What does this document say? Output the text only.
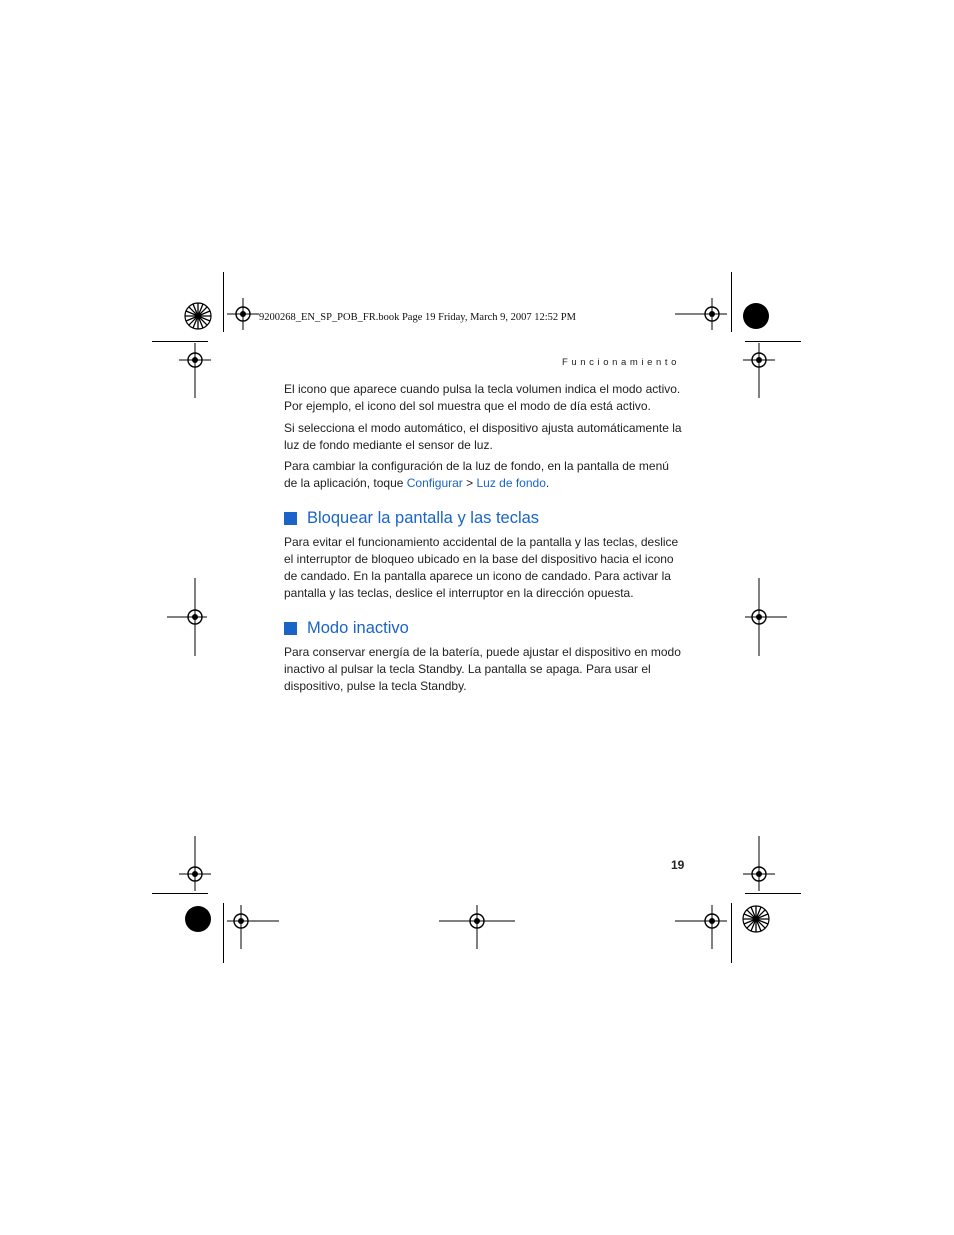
9200268_EN_SP_POB_FR.book Page 19 Friday, March 9, 2007 12:52 PM
Funcionamiento

El icono que aparece cuando pulsa la tecla volumen indica el modo activo. Por ejemplo, el icono del sol muestra que el modo de día está activo.

Si selecciona el modo automático, el dispositivo ajusta automáticamente la luz de fondo mediante el sensor de luz.

Para cambiar la configuración de la luz de fondo, en la pantalla de menú de la aplicación, toque Configurar > Luz de fondo.

Bloquear la pantalla y las teclas

Para evitar el funcionamiento accidental de la pantalla y las teclas, deslice el interruptor de bloqueo ubicado en la base del dispositivo hacia el icono de candado. En la pantalla aparece un icono de candado. Para activar la pantalla y las teclas, deslice el interruptor en la dirección opuesta.

Modo inactivo

Para conservar energía de la batería, puede ajustar el dispositivo en modo inactivo al pulsar la tecla Standby. La pantalla se apaga. Para usar el dispositivo, pulse la tecla Standby.

19
